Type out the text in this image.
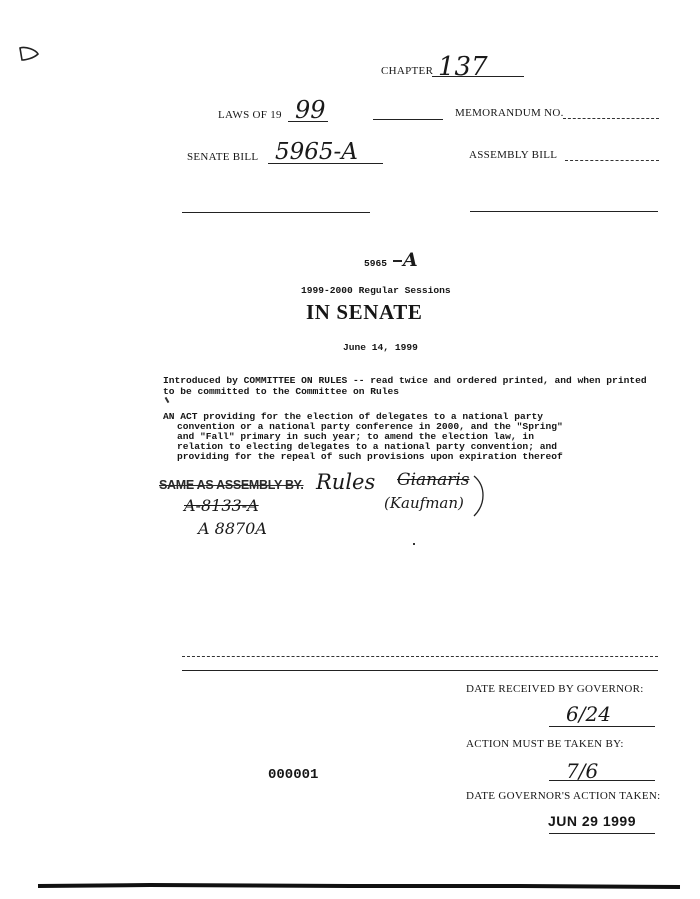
CHAPTER 137
LAWS OF 19 99	MEMORANDUM NO.
SENATE BILL 5965-A	ASSEMBLY BILL
5965 A
1999-2000 Regular Sessions
IN SENATE
June 14, 1999
Introduced by COMMITTEE ON RULES -- read twice and ordered printed, and when printed to be committed to the Committee on Rules
AN ACT providing for the election of delegates to a national party
convention or a national party conference in 2000, and the "Spring"
and "Fall" primary in such year; to amend the election law, in
relation to electing delegates to a national party convention; and
providing for the repeal of such provisions upon expiration thereof
SAME AS ASSEMBLY BY. Rules Gianaris
(Kaufman)
A-8133-A
A 8870A
DATE RECEIVED BY GOVERNOR:
6/24
ACTION MUST BE TAKEN BY:
7/6
000001
DATE GOVERNOR'S ACTION TAKEN:
JUN 29 1999
